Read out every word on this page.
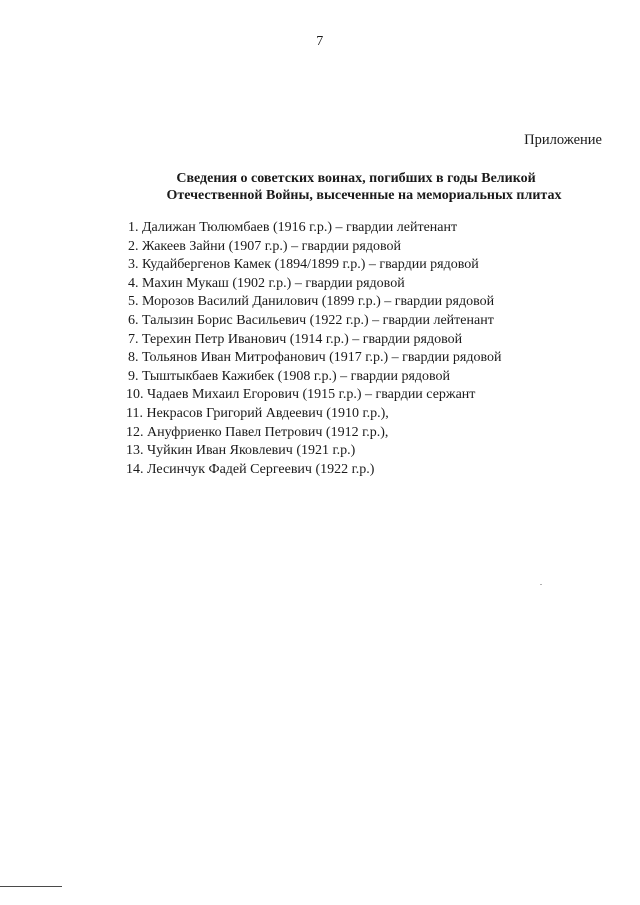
7
Приложение
Сведения о советских воинах, погибших в годы Великой
Отечественной Войны, высеченные на мемориальных плитах
1. Далижан Тюлюмбаев (1916 г.р.) – гвардии лейтенант
2. Жакеев Зайни (1907 г.р.) – гвардии рядовой
3. Кудайбергенов Камек (1894/1899 г.р.) – гвардии рядовой
4. Махин Мукаш (1902 г.р.) – гвардии рядовой
5. Морозов Василий Данилович (1899 г.р.) – гвардии рядовой
6. Талызин Борис Васильевич (1922 г.р.) – гвардии лейтенант
7. Терехин Петр Иванович (1914 г.р.) – гвардии рядовой
8. Тольянов Иван Митрофанович (1917 г.р.) – гвардии рядовой
9. Тыштыкбаев Кажибек (1908 г.р.) – гвардии рядовой
10. Чадаев Михаил Егорович (1915 г.р.) – гвардии сержант
11. Некрасов Григорий Авдеевич (1910 г.р.),
12. Ануфриенко Павел Петрович (1912 г.р.),
13. Чуйкин Иван Яковлевич (1921 г.р.)
14. Лесинчук Фадей Сергеевич (1922 г.р.)
